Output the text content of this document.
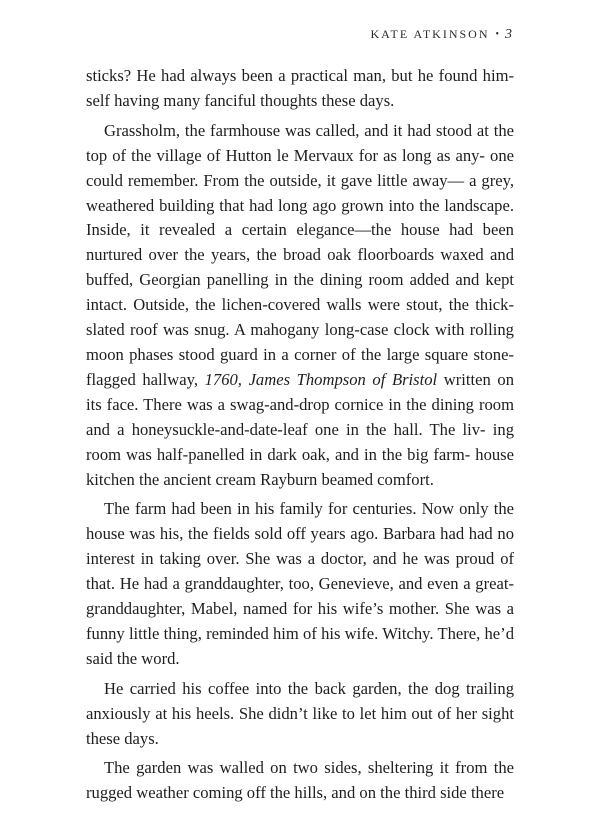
KATE ATKINSON • 3

sticks? He had always been a practical man, but he found him-
self having many fanciful thoughts these days.

Grassholm, the farmhouse was called, and it had stood at the top of the village of Hutton le Mervaux for as long as any- one could remember. From the outside, it gave little away— a grey, weathered building that had long ago grown into the landscape. Inside, it revealed a certain elegance—the house had been nurtured over the years, the broad oak floorboards waxed and buffed, Georgian panelling in the dining room added and kept intact. Outside, the lichen-covered walls were stout, the thick-slated roof was snug. A mahogany long-case clock with rolling moon phases stood guard in a corner of the large square stone-flagged hallway, 1760, James Thompson of Bristol written on its face. There was a swag-and-drop cornice in the dining room and a honeysuckle-and-date-leaf one in the hall. The liv- ing room was half-panelled in dark oak, and in the big farm- house kitchen the ancient cream Rayburn beamed comfort.

The farm had been in his family for centuries. Now only the house was his, the fields sold off years ago. Barbara had had no interest in taking over. She was a doctor, and he was proud of that. He had a granddaughter, too, Genevieve, and even a great-granddaughter, Mabel, named for his wife’s mother. She was a funny little thing, reminded him of his wife. Witchy. There, he’d said the word.

He carried his coffee into the back garden, the dog trailing anxiously at his heels. She didn’t like to let him out of her sight these days.

The garden was walled on two sides, sheltering it from the rugged weather coming off the hills, and on the third side there
